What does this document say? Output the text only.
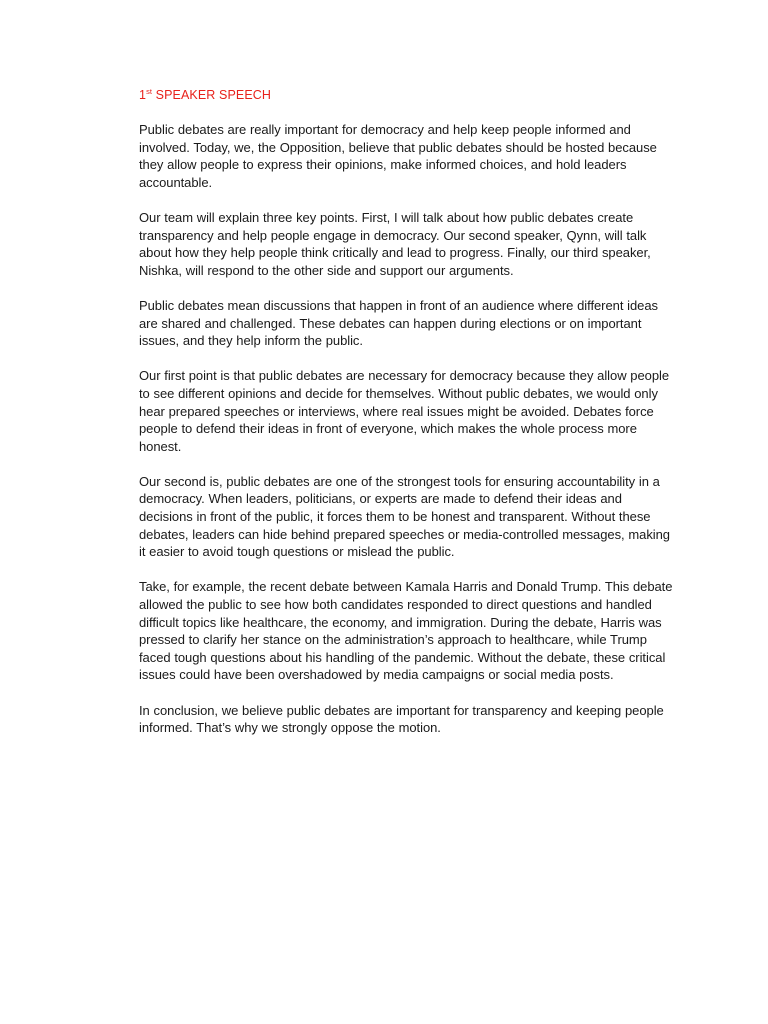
1st SPEAKER SPEECH

Public debates are really important for democracy and help keep people informed and involved. Today, we, the Opposition, believe that public debates should be hosted because they allow people to express their opinions, make informed choices, and hold leaders accountable.

Our team will explain three key points. First, I will talk about how public debates create transparency and help people engage in democracy. Our second speaker, Qynn, will talk about how they help people think critically and lead to progress. Finally, our third speaker, Nishka, will respond to the other side and support our arguments.

Public debates mean discussions that happen in front of an audience where different ideas are shared and challenged. These debates can happen during elections or on important issues, and they help inform the public.

Our first point is that public debates are necessary for democracy because they allow people to see different opinions and decide for themselves. Without public debates, we would only hear prepared speeches or interviews, where real issues might be avoided. Debates force people to defend their ideas in front of everyone, which makes the whole process more honest.

Our second is, public debates are one of the strongest tools for ensuring accountability in a democracy. When leaders, politicians, or experts are made to defend their ideas and decisions in front of the public, it forces them to be honest and transparent. Without these debates, leaders can hide behind prepared speeches or media-controlled messages, making it easier to avoid tough questions or mislead the public.

Take, for example, the recent debate between Kamala Harris and Donald Trump. This debate allowed the public to see how both candidates responded to direct questions and handled difficult topics like healthcare, the economy, and immigration. During the debate, Harris was pressed to clarify her stance on the administration’s approach to healthcare, while Trump faced tough questions about his handling of the pandemic. Without the debate, these critical issues could have been overshadowed by media campaigns or social media posts.

In conclusion, we believe public debates are important for transparency and keeping people informed. That’s why we strongly oppose the motion.
